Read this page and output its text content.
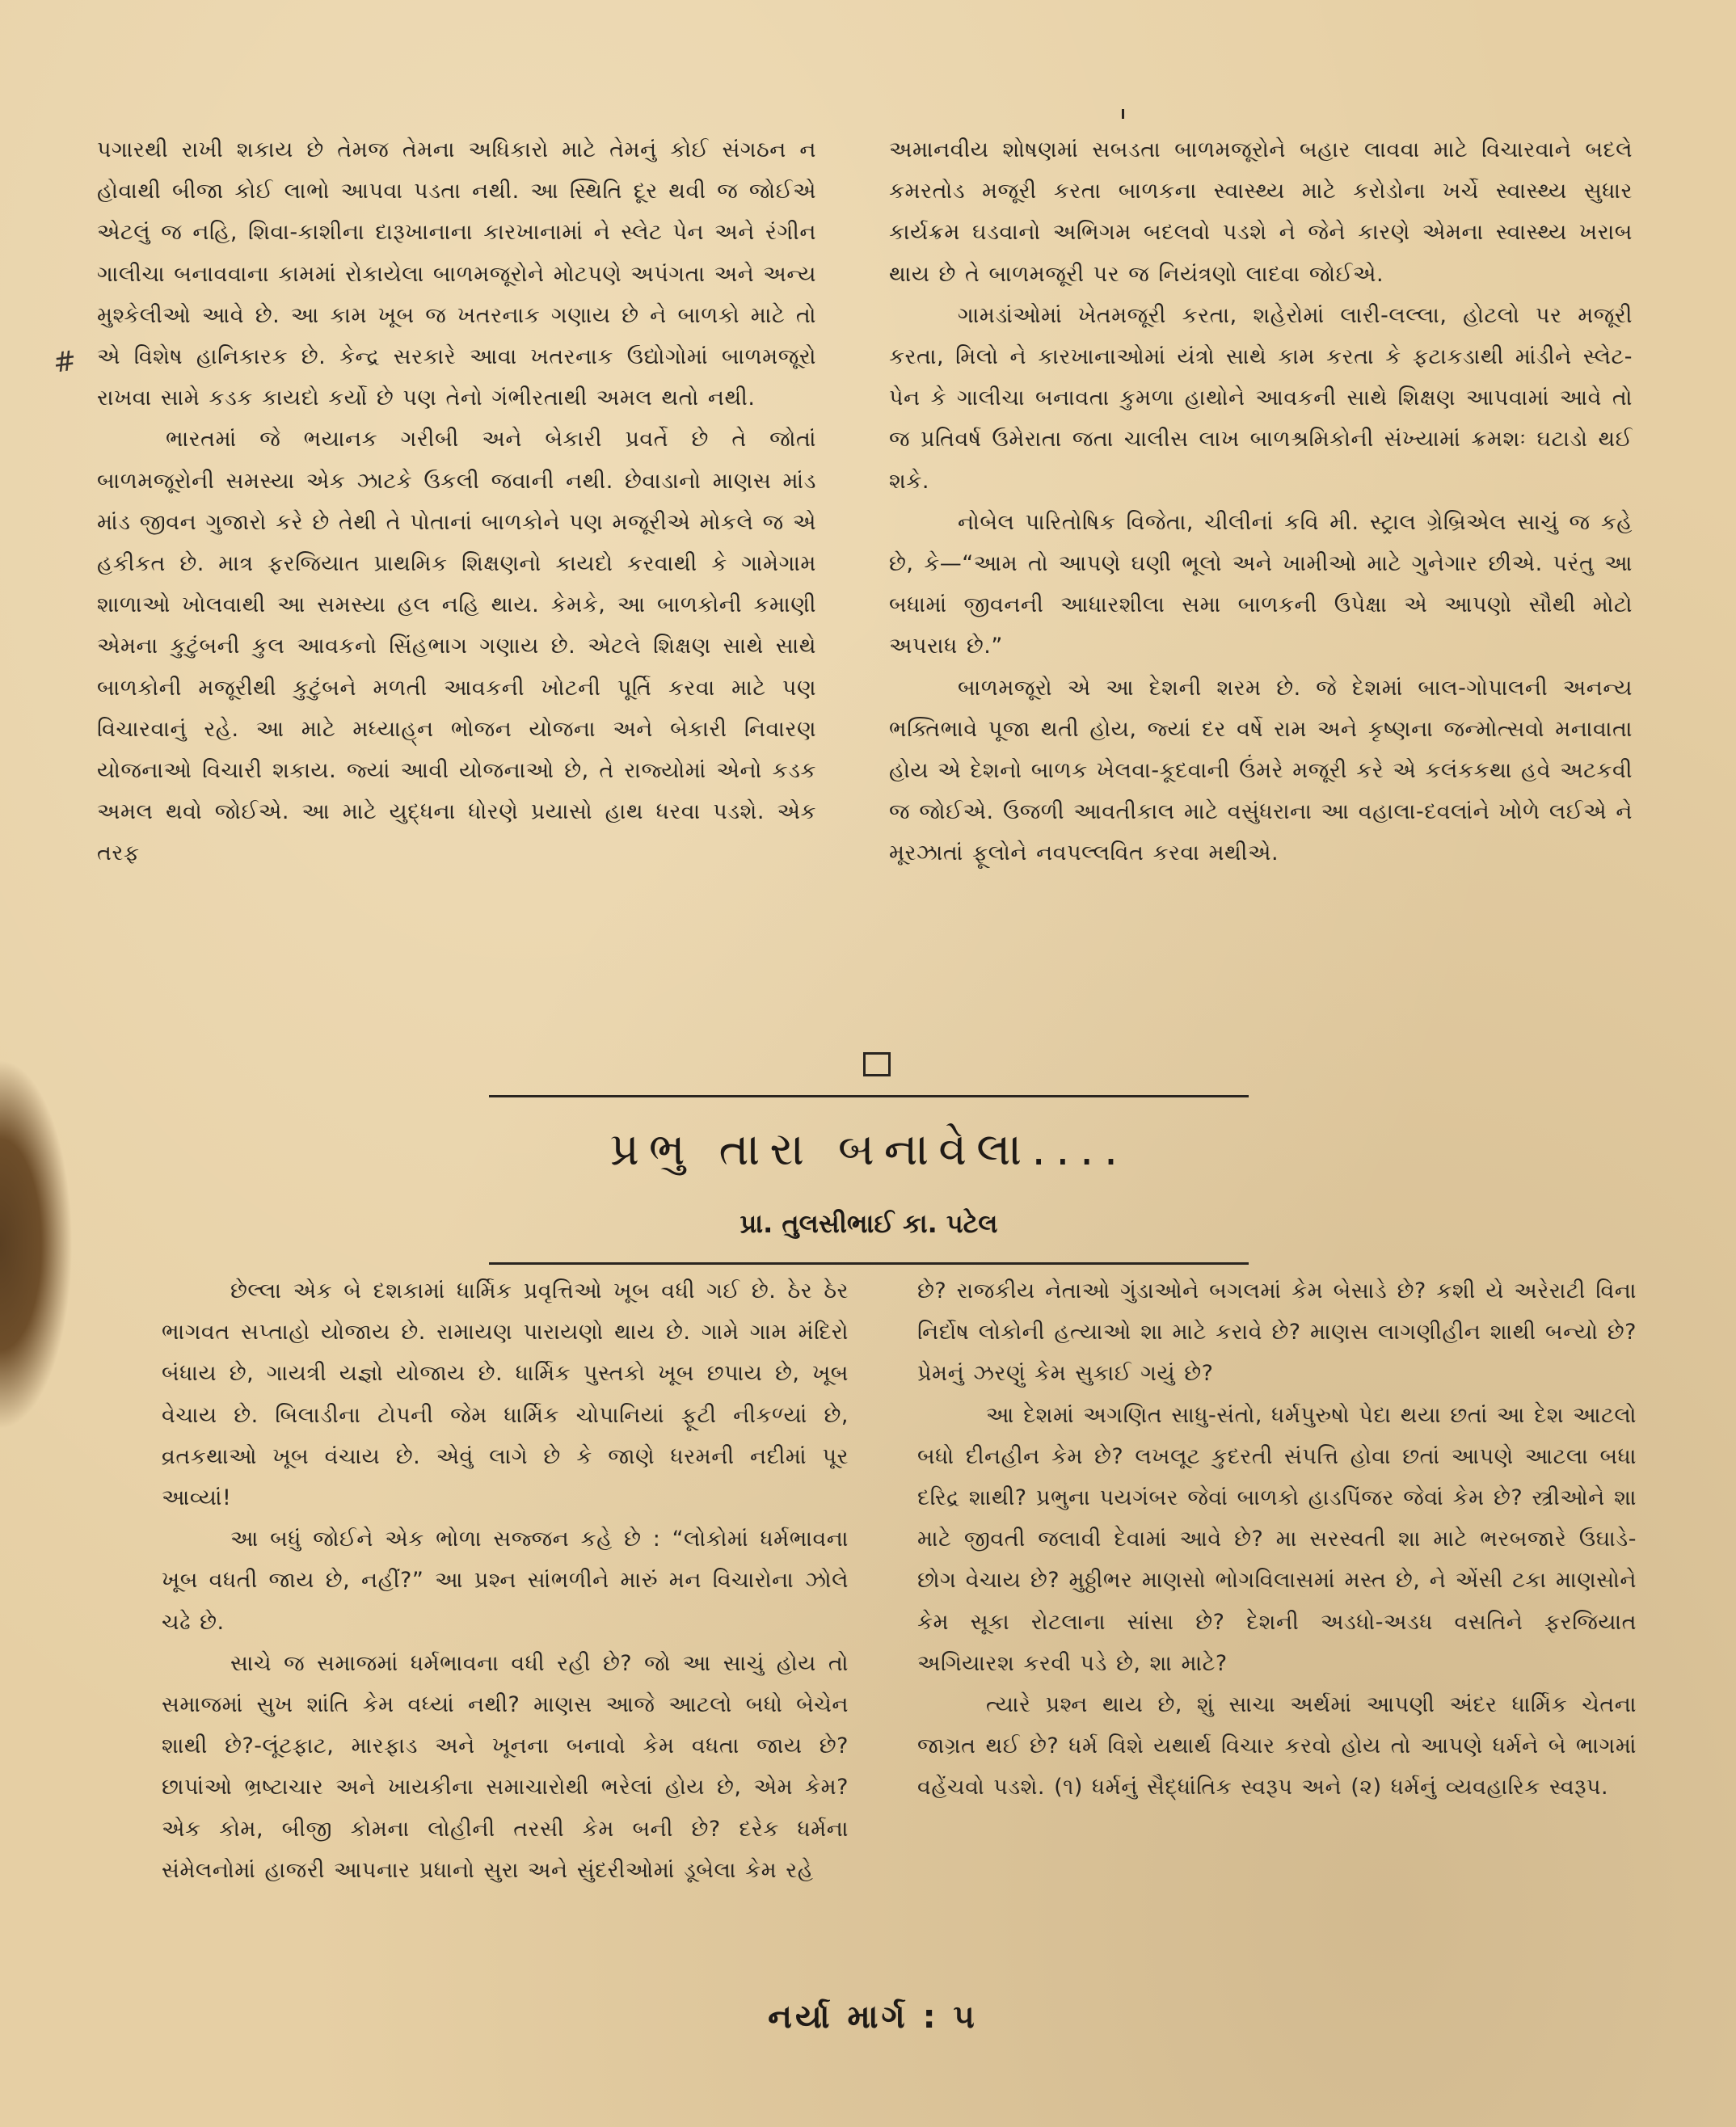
#

પગારથી રાખી શકાય છે તેમજ તેમના અધિકારો માટે તેમનું કોઈ સંગઠન ન હોવાથી બીજા કોઈ લાભો આપવા પડતા નથી. આ સ્થિતિ દૂર થવી જ જોઈએ એટલું જ નહિ, શિવા-કાશીના દારૂખાનાના કારખાનામાં ને સ્લેટ પેન અને રંગીન ગાલીચા બનાવવાના કામમાં રોકાયેલા બાળમજૂરોને મોટપણે અપંગતા અને અન્ય મુશ્કેલીઓ આવે છે. આ કામ ખૂબ જ ખતરનાક ગણાય છે ને બાળકો માટે તો એ વિશેષ હાનિકારક છે. કેન્દ્ર સરકારે આવા ખતરનાક ઉદ્યોગોમાં બાળમજૂરો રાખવા સામે કડક કાયદો કર્યો છે પણ તેનો ગંભીરતાથી અમલ થતો નથી.

ભારતમાં જે ભયાનક ગરીબી અને બેકારી પ્રવર્તે છે તે જોતાં બાળમજૂરોની સમસ્યા એક ઝાટકે ઉકલી જવાની નથી. છેવાડાનો માણસ માંડ માંડ જીવન ગુજારો કરે છે તેથી તે પોતાનાં બાળકોને પણ મજૂરીએ મોકલે જ એ હકીકત છે. માત્ર ફરજિયાત પ્રાથમિક શિક્ષણનો કાયદો કરવાથી કે ગામેગામ શાળાઓ ખોલવાથી આ સમસ્યા હલ નહિ થાય. કેમકે, આ બાળકોની કમાણી એમના કુટુંબની કુલ આવકનો સિંહભાગ ગણાય છે. એટલે શિક્ષણ સાથે સાથે બાળકોની મજૂરીથી કુટુંબને મળતી આવકની ખોટની પૂર્તિ કરવા માટે પણ વિચારવાનું રહે. આ માટે મધ્યાહ્‌ન ભોજન યોજના અને બેકારી નિવારણ યોજનાઓ વિચારી શકાય. જ્યાં આવી યોજનાઓ છે, તે રાજ્યોમાં એનો કડક અમલ થવો જોઈએ. આ માટે યુદ્ધના ધોરણે પ્રયાસો હાથ ધરવા પડશે. એક તરફ

અમાનવીય શોષણમાં સબડતા બાળમજૂરોને બહાર લાવવા માટે વિચારવાને બદલે કમરતોડ મજૂરી કરતા બાળકના સ્વાસ્થ્ય માટે કરોડોના ખર્ચે સ્વાસ્થ્ય સુધાર કાર્યક્રમ ઘડવાનો અભિગમ બદલવો પડશે ને જેને કારણે એમના સ્વાસ્થ્ય ખરાબ થાય છે તે બાળમજૂરી પર જ નિયંત્રણો લાદવા જોઈએ.

ગામડાંઓમાં ખેતમજૂરી કરતા, શહેરોમાં લારી-લલ્લા, હોટલો પર મજૂરી કરતા, મિલો ને કારખાનાઓમાં યંત્રો સાથે કામ કરતા કે ફટાકડાથી માંડીને સ્લેટ-પેન કે ગાલીચા બનાવતા કુમળા હાથોને આવકની સાથે શિક્ષણ આપવામાં આવે તો જ પ્રતિવર્ષ ઉમેરાતા જતા ચાલીસ લાખ બાળશ્રમિકોની સંખ્યામાં ક્રમશઃ ઘટાડો થઈ શકે.

નોબેલ પારિતોષિક વિજેતા, ચીલીનાં કવિ મી. સ્ટ્રાલ ગ્રેબ્રિએલ સાચું જ કહે છે, કે—“આમ તો આપણે ઘણી ભૂલો અને ખામીઓ માટે ગુનેગાર છીએ. પરંતુ આ બધામાં જીવનની આધારશીલા સમા બાળકની ઉપેક્ષા એ આપણો સૌથી મોટો અપરાધ છે.”

બાળમજૂરો એ આ દેશની શરમ છે. જે દેશમાં બાલ-ગોપાલની અનન્ય ભક્તિભાવે પૂજા થતી હોય, જ્યાં દર વર્ષે રામ અને કૃષ્ણના જન્મોત્સવો મનાવાતા હોય એ દેશનો બાળક ખેલવા-કૂદવાની ઉંમરે મજૂરી કરે એ કલંકકથા હવે અટકવી જ જોઈએ. ઉજળી આવતીકાલ માટે વસુંધરાના આ વહાલા-દવલાંને ખોળે લઈએ ને મૂરઝાતાં ફૂલોને નવપલ્લવિત કરવા મથીએ.

પ્રભુ તારા બનાવેલા....
પ્રા. તુલસીભાઈ કા. પટેલ

છેલ્લા એક બે દશકામાં ધાર્મિક પ્રવૃત્તિઓ ખૂબ વધી ગઈ છે. ઠેર ઠેર ભાગવત સપ્તાહો યોજાય છે. રામાયણ પારાયણો થાય છે. ગામે ગામ મંદિરો બંધાય છે, ગાયત્રી યજ્ઞો યોજાય છે. ધાર્મિક પુસ્તકો ખૂબ છપાય છે, ખૂબ વેચાય છે. બિલાડીના ટોપની જેમ ધાર્મિક ચોપાનિયાં ફૂટી નીકળ્યાં છે, વ્રતકથાઓ ખૂબ વંચાય છે. એવું લાગે છે કે જાણે ધરમની નદીમાં પૂર આવ્યાં!

આ બધું જોઈને એક ભોળા સજ્જન કહે છે : “લોકોમાં ધર્મભાવના ખૂબ વધતી જાય છે, નહીં?” આ પ્રશ્ન સાંભળીને મારું મન વિચારોના ઝોલે ચઢે છે.

સાચે જ સમાજમાં ધર્મભાવના વધી રહી છે? જો આ સાચું હોય તો સમાજમાં સુખ શાંતિ કેમ વધ્યાં નથી? માણસ આજે આટલો બધો બેચેન શાથી છે?-લૂંટફાટ, મારફાડ અને ખૂનના બનાવો કેમ વધતા જાય છે? છાપાંઓ ભ્રષ્ટાચાર અને ખાયકીના સમાચારોથી ભરેલાં હોય છે, એમ કેમ? એક કોમ, બીજી કોમના લોહીની તરસી કેમ બની છે? દરેક ધર્મના સંમેલનોમાં હાજરી આપનાર પ્રધાનો સુરા અને સુંદરીઓમાં ડૂબેલા કેમ રહે

છે? રાજકીય નેતાઓ ગુંડાઓને બગલમાં કેમ બેસાડે છે? કશી યે અરેરાટી વિના નિર્દોષ લોકોની હત્યાઓ શા માટે કરાવે છે? માણસ લાગણીહીન શાથી બન્યો છે? પ્રેમનું ઝરણું કેમ સુકાઈ ગયું છે?

આ દેશમાં અગણિત સાધુ-સંતો, ધર્મપુરુષો પેદા થયા છતાં આ દેશ આટલો બધો દીનહીન કેમ છે? લખલૂટ કુદરતી સંપત્તિ હોવા છતાં આપણે આટલા બધા દરિદ્ર શાથી? પ્રભુના પયગંબર જેવાં બાળકો હાડપિંજર જેવાં કેમ છે? સ્ત્રીઓને શા માટે જીવતી જલાવી દેવામાં આવે છે? મા સરસ્વતી શા માટે ભરબજારે ઉઘાડે-છોગ વેચાય છે? મુઠ્ઠીભર માણસો ભોગવિલાસમાં મસ્ત છે, ને એંસી ટકા માણસોને કેમ સૂકા રોટલાના સાંસા છે? દેશની અડધો-અડધ વસતિને ફરજિયાત અગિયારશ કરવી પડે છે, શા માટે?

ત્યારે પ્રશ્ન થાય છે, શું સાચા અર્થમાં આપણી અંદર ધાર્મિક ચેતના જાગ્રત થઈ છે? ધર્મ વિશે યથાર્થ વિચાર કરવો હોય તો આપણે ધર્મને બે ભાગમાં વહેંચવો પડશે. (૧) ધર્મનું સૈદ્ધાંતિક સ્વરૂપ અને (૨) ધર્મનું વ્યવહારિક સ્વરૂપ.

નર્યા માર્ગ : ૫
